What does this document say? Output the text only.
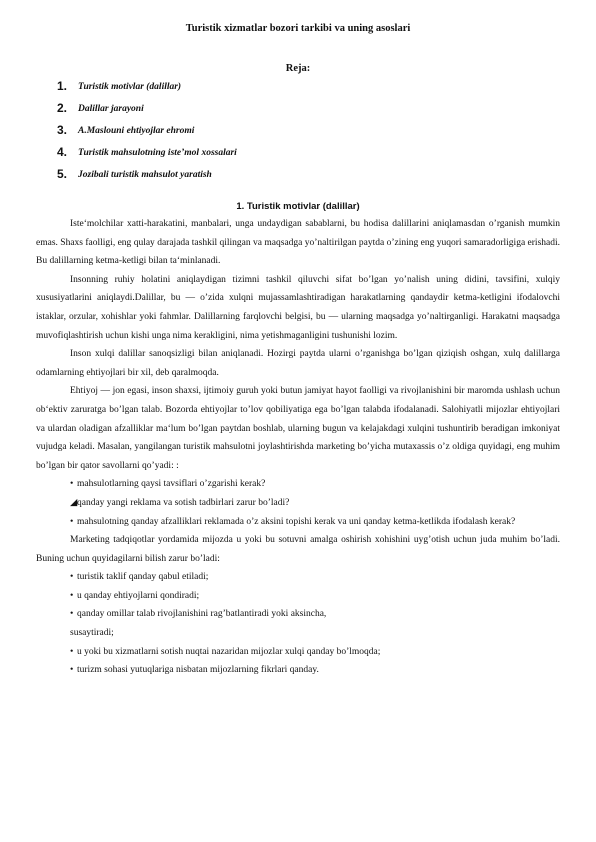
Turistik xizmatlar bozori tarkibi va uning asoslari
Reja:
1. Turistik motivlar (dalillar)
2. Dalillar jarayoni
3. A.Maslouni ehtiyojlar ehromi
4. Turistik mahsulotning iste’mol xossalari
5. Jozibali turistik mahsulot yaratish
1. Turistik motivlar (dalillar)

Iste‘molchilar xatti-harakatini, manbalari, unga undaydigan sabablarni, bu hodisa dalillarini aniqlamasdan o’rganish mumkin emas. Shaxs faolligi, eng qulay darajada tashkil qilingan va maqsadga yo’naltirilgan paytda o’zining eng yuqori samaradorligiga erishadi. Bu dalillarning ketma-ketligi bilan ta‘minlanadi.

Insonning ruhiy holatini aniqlaydigan tizimni tashkil qiluvchi sifat bo’lgan yo’nalish uning didini, tavsifini, xulqiy xususiyatlarini aniqlaydi.Dalillar, bu — o’zida xulqni mujassamlashtiradigan harakatlarning qandaydir ketma-ketligini ifodalovchi istaklar, orzular, xohishlar yoki fahmlar. Dalillarning farqlovchi belgisi, bu — ularning maqsadga yo’naltirganligi. Harakatni maqsadga muvofiqlashtirish uchun kishi unga nima kerakligini, nima yetishmaganligini tushunishi lozim.

Inson xulqi dalillar sanoqsizligi bilan aniqlanadi. Hozirgi paytda ularni o’rganishga bo’lgan qiziqish oshgan, xulq dalillarga odamlarning ehtiyojlari bir xil, deb qaralmoqda.

Ehtiyoj — jon egasi, inson shaxsi, ijtimoiy guruh yoki butun jamiyat hayot faolligi va rivojlanishini bir maromda ushlash uchun ob‘ektiv zaruratga bo’lgan talab. Bozorda ehtiyojlar to’lov qobiliyatiga ega bo’lgan talabda ifodalanadi. Salohiyatli mijozlar ehtiyojlari va ulardan oladigan afzalliklar ma‘lum bo’lgan paytdan boshlab, ularning bugun va kelajakdagi xulqini tushuntirib beradigan imkoniyat vujudga keladi. Masalan, yangilangan turistik mahsulotni joylashtirishda marketing bo’yicha mutaxassis o’z oldiga quyidagi, eng muhim bo’lgan bir qator savollarni qo’yadi: :

• mahsulotlarning qaysi tavsiflari o’zgarishi kerak?

◢qanday yangi reklama va sotish tadbirlari zarur bo’ladi?

• mahsulotning qanday afzalliklari reklamada o’z aksini topishi kerak va uni qanday ketma-ketlikda ifodalash kerak?

Marketing tadqiqotlar yordamida mijozda u yoki bu sotuvni amalga oshirish xohishini uyg’otish uchun juda muhim bo’ladi. Buning uchun quyidagilarni bilish zarur bo’ladi:

• turistik taklif qanday qabul etiladi;

• u qanday ehtiyojlarni qondiradi;

• qanday omillar talab rivojlanishini rag’batlantiradi yoki aksincha,

susaytiradi;

• u yoki bu xizmatlarni sotish nuqtai nazaridan mijozlar xulqi qanday bo’lmoqda;

• turizm sohasi yutuqlariga nisbatan mijozlarning fikrlari qanday.
